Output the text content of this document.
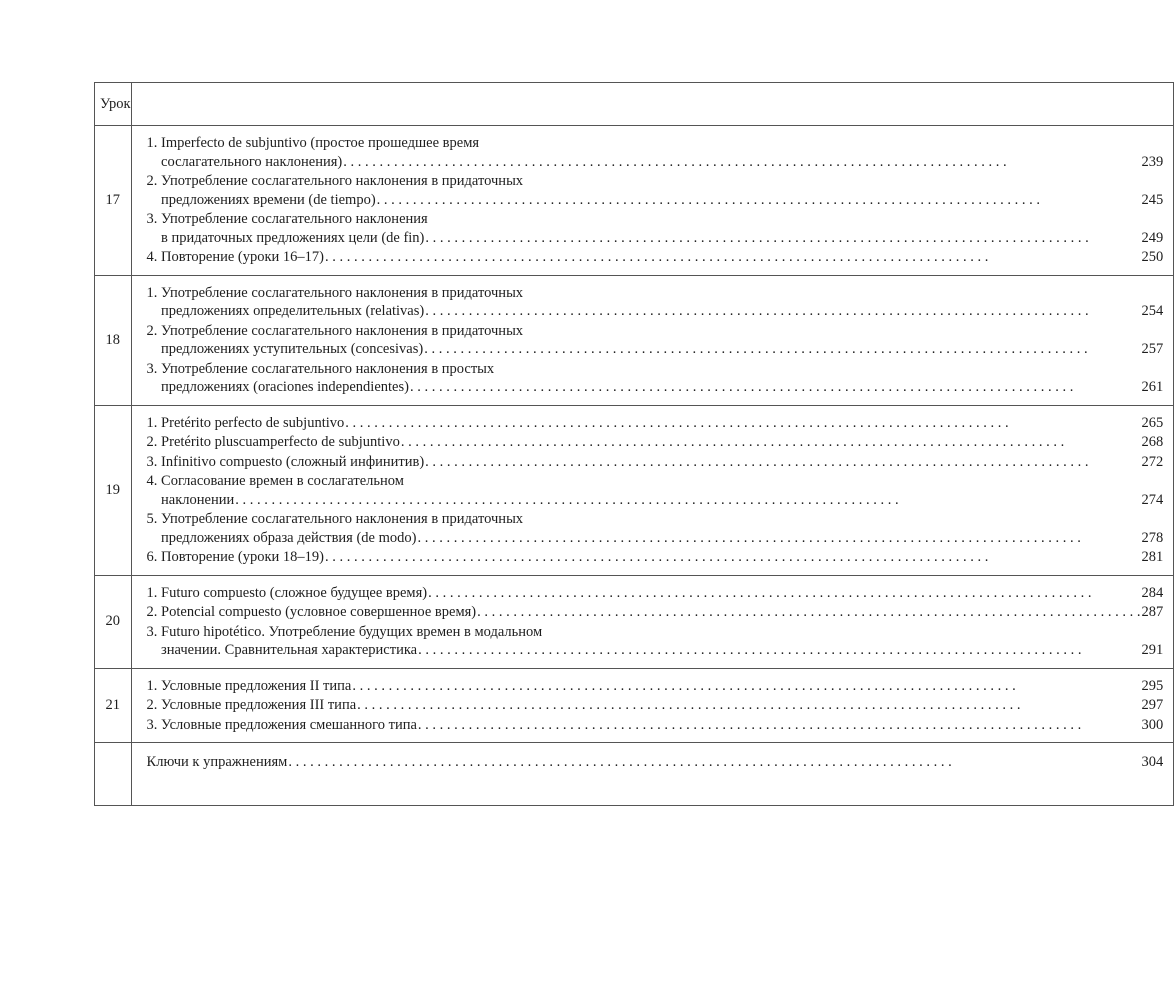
Урок	
17	
1. Imperfecto de subjuntivo (простое прошедшее время
сослагательного наклонения) . . .	239
2. Употребление сослагательного наклонения в придаточных
предложениях времени (de tiempo) . . .	245
3. Употребление сослагательного наклонения
в придаточных предложениях цели (de fin) . . .	249
4. Повторение (уроки 16–17) . . .	250

18	
1. Употребление сослагательного наклонения в придаточных
предложениях определительных (relativas) . . .	254
2. Употребление сослагательного наклонения в придаточных
предложениях уступительных (concesivas) . . .	257
3. Употребление сослагательного наклонения в простых
предложениях (oraciones independientes) . . .	261

19	
1. Pretérito perfecto de subjuntivo . . .	265
2. Pretérito pluscuamperfecto de subjuntivo . . .	268
3. Infinitivo compuesto (сложный инфинитив) . . .	272
4. Согласование времен в сослагательном
наклонении . . .	274
5. Употребление сослагательного наклонения в придаточных
предложениях образа действия (de modo) . . .	278
6. Повторение (уроки 18–19) . . .	281

20	
1. Futuro compuesto (сложное будущее время) . . .	284
2. Potencial compuesto (условное совершенное время) . . .	287
3. Futuro hipotético. Употребление будущих времен в модальном
значении. Сравнительная характеристика . . .	291

21	
1. Условные предложения II типа . . .	295
2. Условные предложения III типа . . .	297
3. Условные предложения смешанного типа . . .	300

	Ключи к упражнениям . . . 304
